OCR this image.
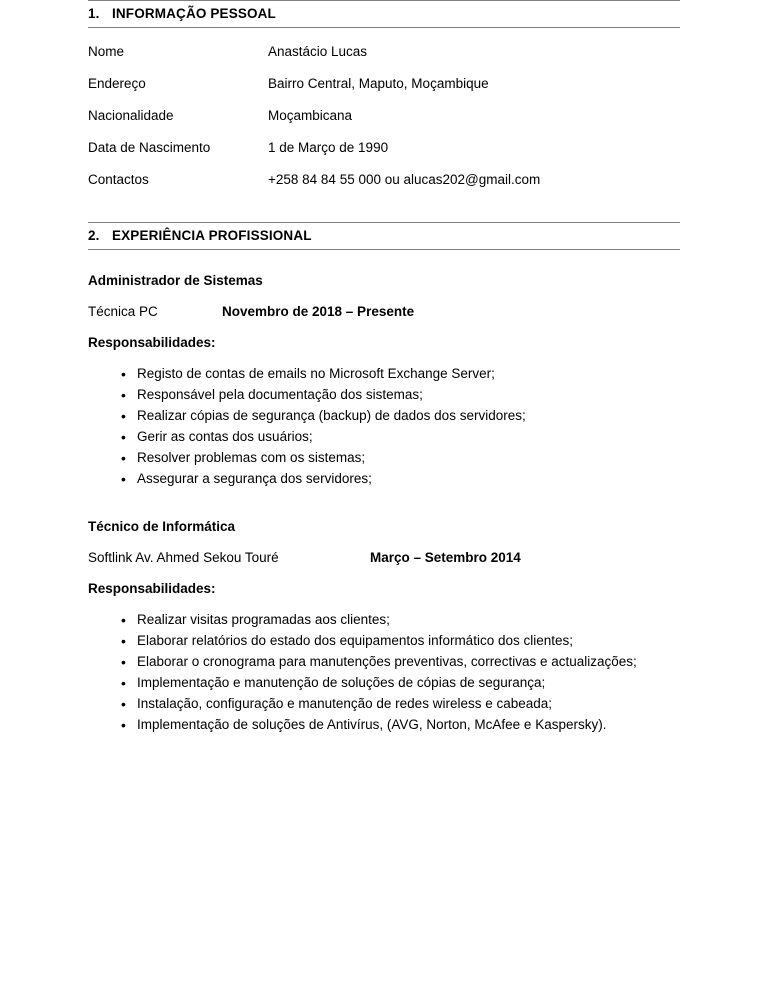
1. INFORMAÇÃO PESSOAL
Nome	Anastácio Lucas
Endereço	Bairro Central, Maputo, Moçambique
Nacionalidade	Moçambicana
Data de Nascimento	1 de Março de 1990
Contactos	+258 84 84 55 000 ou alucas202@gmail.com
2. EXPERIÊNCIA PROFISSIONAL
Administrador de Sistemas
Técnica PC	Novembro de 2018 – Presente
Responsabilidades:
• Registo de contas de emails no Microsoft Exchange Server;
• Responsável pela documentação dos sistemas;
• Realizar cópias de segurança (backup) de dados dos servidores;
• Gerir as contas dos usuários;
• Resolver problemas com os sistemas;
• Assegurar a segurança dos servidores;
Técnico de Informática
Softlink Av. Ahmed Sekou Touré	Março – Setembro 2014
Responsabilidades:
• Realizar visitas programadas aos clientes;
• Elaborar relatórios do estado dos equipamentos informático dos clientes;
• Elaborar o cronograma para manutenções preventivas, correctivas e actualizações;
• Implementação e manutenção de soluções de cópias de segurança;
• Instalação, configuração e manutenção de redes wireless e cabeada;
• Implementação de soluções de Antivírus, (AVG, Norton, McAfee e Kaspersky).
